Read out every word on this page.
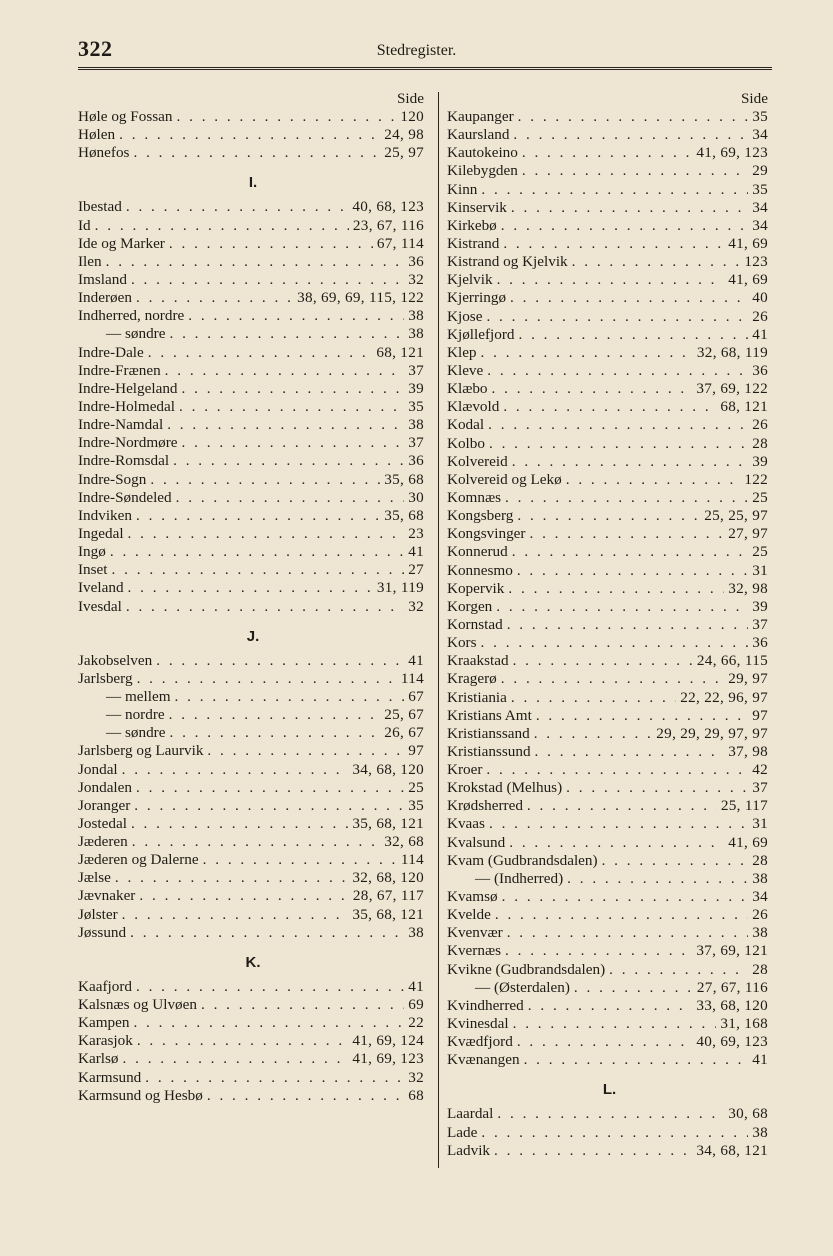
322	Stedregister.
Side
Høle og Fossan . . .	120
Hølen . . .	24, 98
Hønefos . . .	25, 97
I.
Ibestad . . .	40, 68, 123
Id . . .	23, 67, 116
Ide og Marker . . .	67, 114
Ilen . . .	36
Imsland . . .	32
Inderøen . . .	38, 69, 69, 115, 122
Indherred, nordre . . .	38
— søndre . . .	38
Indre-Dale . . .	68, 121
Indre-Frænen . . .	37
Indre-Helgeland . . .	39
Indre-Holmedal . . .	35
Indre-Namdal . . .	38
Indre-Nordmøre . . .	37
Indre-Romsdal . . .	36
Indre-Sogn . . .	35, 68
Indre-Søndeled . . .	30
Indviken . . .	35, 68
Ingedal . . .	23
Ingø . . .	41
Inset . . .	27
Iveland . . .	31, 119
Ivesdal . . .	32
J.
Jakobselven . . .	41
Jarlsberg . . .	114
— mellem . . .	67
— nordre . . .	25, 67
— søndre . . .	26, 67
Jarlsberg og Laurvik . . .	97
Jondal . . .	34, 68, 120
Jondalen . . .	25
Joranger . . .	35
Jostedal . . .	35, 68, 121
Jæderen . . .	32, 68
Jæderen og Dalerne . . .	114
Jælse . . .	32, 68, 120
Jævnaker . . .	28, 67, 117
Jølster . . .	35, 68, 121
Jøssund . . .	38
K.
Kaafjord . . .	41
Kalsnæs og Ulvøen . . .	69
Kampen . . .	22
Karasjok . . .	41, 69, 124
Karlsø . . .	41, 69, 123
Karmsund . . .	32
Karmsund og Hesbø . . .	68
Side
Kaupanger . . .	35
Kaursland . . .	34
Kautokeino . . .	41, 69, 123
Kilebygden . . .	29
Kinn . . .	35
Kinservik . . .	34
Kirkebø . . .	34
Kistrand . . .	41, 69
Kistrand og Kjelvik . . .	123
Kjelvik . . .	41, 69
Kjerringø . . .	40
Kjose . . .	26
Kjøllefjord . . .	41
Klep . . .	32, 68, 119
Kleve . . .	36
Klæbo . . .	37, 69, 122
Klævold . . .	68, 121
Kodal . . .	26
Kolbo . . .	28
Kolvereid . . .	39
Kolvereid og Lekø . . .	122
Komnæs . . .	25
Kongsberg . . .	25, 25, 97
Kongsvinger . . .	27, 97
Konnerud . . .	25
Konnesmo . . .	31
Kopervik . . .	32, 98
Korgen . . .	39
Kornstad . . .	37
Kors . . .	36
Kraakstad . . .	24, 66, 115
Kragerø . . .	29, 97
Kristiania . . .	22, 22, 96, 97
Kristians Amt . . .	97
Kristianssand . . .	29, 29, 29, 97, 97
Kristianssund . . .	37, 98
Kroer . . .	42
Krokstad (Melhus) . . .	37
Krødsherred . . .	25, 117
Kvaas . . .	31
Kvalsund . . .	41, 69
Kvam (Gudbrandsdalen) . . .	28
— (Indherred) . . .	38
Kvamsø . . .	34
Kvelde . . .	26
Kvenvær . . .	38
Kvernæs . . .	37, 69, 121
Kvikne (Gudbrandsdalen) . . .	28
— (Østerdalen) . . .	27, 67, 116
Kvindherred . . .	33, 68, 120
Kvinesdal . . .	31, 168
Kvædfjord . . .	40, 69, 123
Kvænangen . . .	41
L.
Laardal . . .	30, 68
Lade . . .	38
Ladvik . . .	34, 68, 121
